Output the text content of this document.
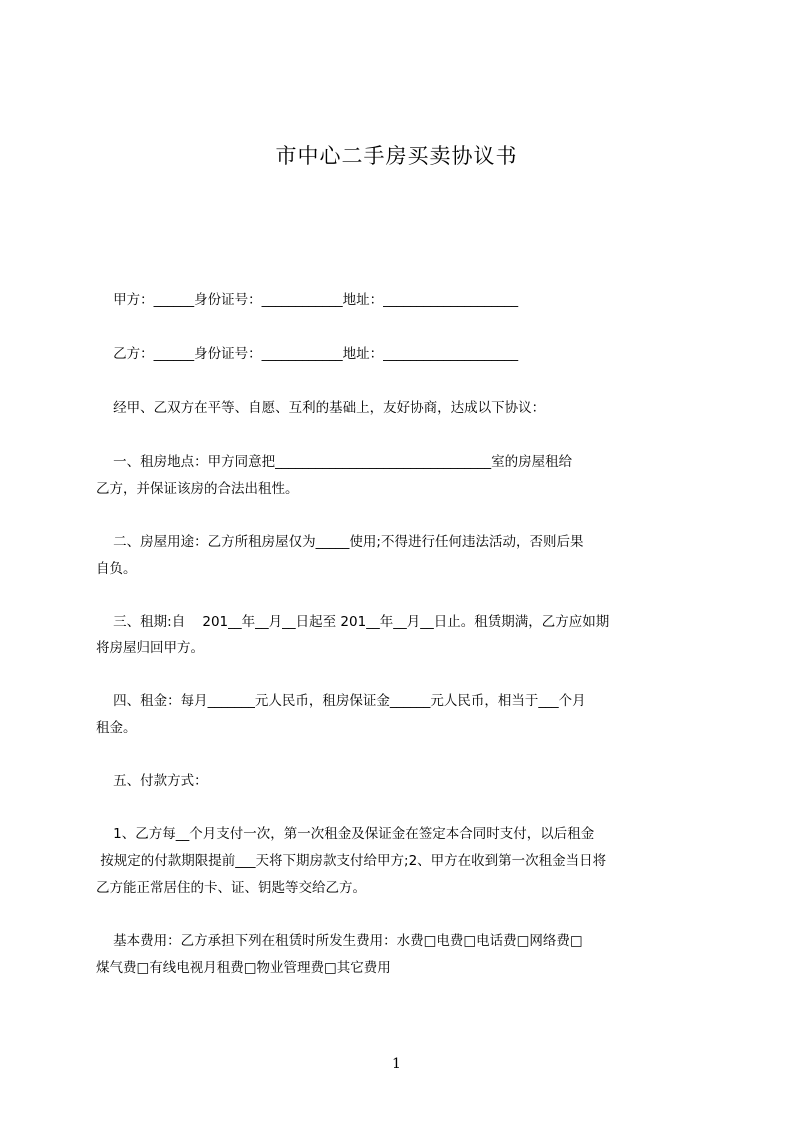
市中心二手房买卖协议书
甲方：______身份证号：____________地址：____________________
乙方：______身份证号：____________地址：____________________
经甲、乙双方在平等、自愿、互利的基础上，友好协商，达成以下协议：
一、租房地点：甲方同意把________________________________室的房屋租给
乙方，并保证该房的合法出租性。
二、房屋用途：乙方所租房屋仅为_____使用;不得进行任何违法活动，否则后果
自负。
三、租期:自    201__年__月__日起至 201__年__月__日止。租赁期满，乙方应如期
将房屋归回甲方。
四、租金：每月_______元人民币，租房保证金______元人民币，相当于___个月
租金。
五、付款方式：
1、乙方每__个月支付一次，第一次租金及保证金在签定本合同时支付，以后租金
按规定的付款期限提前___天将下期房款支付给甲方;2、甲方在收到第一次租金当日将
乙方能正常居住的卡、证、钥匙等交给乙方。
基本费用：乙方承担下列在租赁时所发生费用：水费□电费□电话费□网络费□
煤气费□有线电视月租费□物业管理费□其它费用
1
